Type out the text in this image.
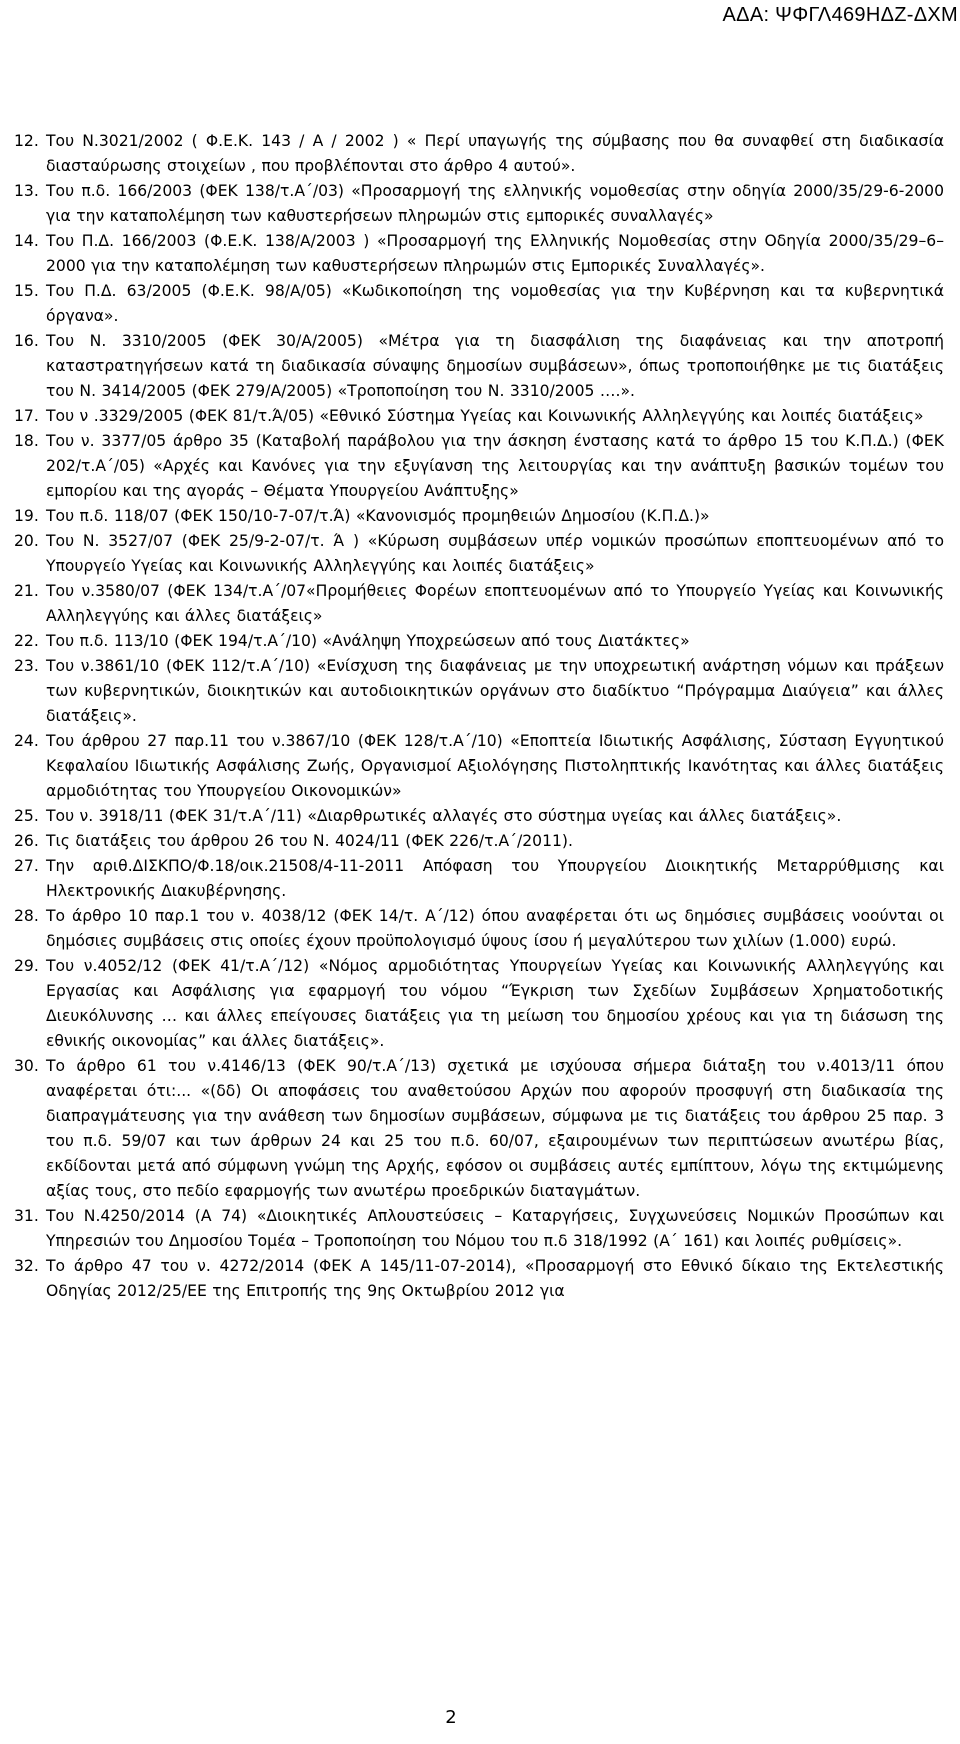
ΑΔΑ: ΨΦΓΛ469ΗΔΖ-ΔΧΜ
12. Του Ν.3021/2002 ( Φ.Ε.Κ. 143 / Α / 2002 ) « Περί υπαγωγής της σύμβασης που θα συναφθεί στη διαδικασία διασταύρωσης στοιχείων , που προβλέπονται στο άρθρο 4 αυτού».
13. Του π.δ. 166/2003 (ΦΕΚ 138/τ.Α΄/03) «Προσαρμογή της ελληνικής νομοθεσίας στην οδηγία 2000/35/29-6-2000 για την καταπολέμηση των καθυστερήσεων πληρωμών στις εμπορικές συναλλαγές»
14. Του Π.Δ. 166/2003 (Φ.Ε.Κ. 138/Α/2003 ) «Προσαρμογή της Ελληνικής Νομοθεσίας στην Οδηγία 2000/35/29–6–2000 για την καταπολέμηση των καθυστερήσεων πληρωμών στις Εμπορικές Συναλλαγές».
15. Του Π.Δ. 63/2005 (Φ.Ε.Κ. 98/Α/05) «Κωδικοποίηση της νομοθεσίας για την Κυβέρνηση και τα κυβερνητικά όργανα».
16. Του Ν. 3310/2005 (ΦΕΚ 30/Α/2005) «Μέτρα για τη διασφάλιση της διαφάνειας και την αποτροπή καταστρατηγήσεων κατά τη διαδικασία σύναψης δημοσίων συμβάσεων», όπως τροποποιήθηκε με τις διατάξεις του Ν. 3414/2005 (ΦΕΚ 279/Α/2005) «Τροποποίηση του Ν. 3310/2005 ….».
17. Του ν .3329/2005 (ΦΕΚ 81/τ.Ά/05) «Εθνικό Σύστημα Υγείας και Κοινωνικής Αλληλεγγύης και λοιπές διατάξεις»
18. Του ν. 3377/05 άρθρο 35 (Καταβολή παράβολου για την άσκηση ένστασης κατά το άρθρο 15 του Κ.Π.Δ.) (ΦΕΚ 202/τ.Α΄/05) «Αρχές και Κανόνες για την εξυγίανση της λειτουργίας και την ανάπτυξη βασικών τομέων του εμπορίου και της αγοράς – Θέματα Υπουργείου Ανάπτυξης»
19. Του π.δ. 118/07 (ΦΕΚ 150/10-7-07/τ.Ά) «Κανονισμός προμηθειών Δημοσίου (Κ.Π.Δ.)»
20. Του Ν. 3527/07 (ΦΕΚ 25/9-2-07/τ. Ά ) «Κύρωση συμβάσεων υπέρ νομικών προσώπων εποπτευομένων από το Υπουργείο Υγείας και Κοινωνικής Αλληλεγγύης και λοιπές διατάξεις»
21. Του ν.3580/07 (ΦΕΚ 134/τ.Α΄/07«Προμήθειες Φορέων εποπτευομένων από το Υπουργείο Υγείας και Κοινωνικής Αλληλεγγύης και άλλες διατάξεις»
22. Του π.δ. 113/10 (ΦΕΚ 194/τ.Α΄/10) «Ανάληψη Υποχρεώσεων από τους Διατάκτες»
23. Του ν.3861/10 (ΦΕΚ 112/τ.Α΄/10) «Ενίσχυση της διαφάνειας με την υποχρεωτική ανάρτηση νόμων και πράξεων των κυβερνητικών, διοικητικών και αυτοδιοικητικών οργάνων στο διαδίκτυο “Πρόγραμμα Διαύγεια” και άλλες διατάξεις».
24. Του άρθρου 27 παρ.11 του ν.3867/10 (ΦΕΚ 128/τ.Α΄/10) «Εποπτεία Ιδιωτικής Ασφάλισης, Σύσταση Εγγυητικού Κεφαλαίου Ιδιωτικής Ασφάλισης Ζωής, Οργανισμοί Αξιολόγησης Πιστοληπτικής Ικανότητας και άλλες διατάξεις αρμοδιότητας του Υπουργείου Οικονομικών»
25. Του ν. 3918/11 (ΦΕΚ 31/τ.Α΄/11) «Διαρθρωτικές αλλαγές στο σύστημα υγείας και άλλες διατάξεις».
26. Τις διατάξεις του άρθρου 26 του Ν. 4024/11 (ΦΕΚ 226/τ.Α΄/2011).
27. Την αριθ.ΔΙΣΚΠΟ/Φ.18/οικ.21508/4-11-2011 Απόφαση του Υπουργείου Διοικητικής Μεταρρύθμισης και Ηλεκτρονικής Διακυβέρνησης.
28. Το άρθρο 10 παρ.1 του ν. 4038/12 (ΦΕΚ 14/τ. Α΄/12) όπου αναφέρεται ότι ως δημόσιες συμβάσεις νοούνται οι δημόσιες συμβάσεις στις οποίες έχουν προϋπολογισμό ύψους ίσου ή μεγαλύτερου των χιλίων (1.000) ευρώ.
29. Του ν.4052/12 (ΦΕΚ 41/τ.Α΄/12) «Νόμος αρμοδιότητας Υπουργείων Υγείας και Κοινωνικής Αλληλεγγύης και Εργασίας και Ασφάλισης για εφαρμογή του νόμου “Έγκριση των Σχεδίων Συμβάσεων Χρηματοδοτικής Διευκόλυνσης … και άλλες επείγουσες διατάξεις για τη μείωση του δημοσίου χρέους και για τη διάσωση της εθνικής οικονομίας” και άλλες διατάξεις».
30. Το άρθρο 61 του ν.4146/13 (ΦΕΚ 90/τ.Α΄/13) σχετικά με ισχύουσα σήμερα διάταξη του ν.4013/11 όπου αναφέρεται ότι:... «(δδ) Οι αποφάσεις του αναθετούσου Αρχών που αφορούν προσφυγή στη διαδικασία της διαπραγμάτευσης για την ανάθεση των δημοσίων συμβάσεων, σύμφωνα με τις διατάξεις του άρθρου 25 παρ. 3 του π.δ. 59/07 και των άρθρων 24 και 25 του π.δ. 60/07, εξαιρουμένων των περιπτώσεων ανωτέρω βίας, εκδίδονται μετά από σύμφωνη γνώμη της Αρχής, εφόσον οι συμβάσεις αυτές εμπίπτουν, λόγω της εκτιμώμενης αξίας τους, στο πεδίο εφαρμογής των ανωτέρω προεδρικών διαταγμάτων.
31. Του Ν.4250/2014 (Α 74) «Διοικητικές Απλουστεύσεις – Καταργήσεις, Συγχωνεύσεις Νομικών Προσώπων και Υπηρεσιών του Δημοσίου Τομέα – Τροποποίηση του Νόμου του π.δ 318/1992 (Α΄ 161) και λοιπές ρυθμίσεις».
32. Το άρθρο 47 του ν. 4272/2014 (ΦΕΚ Α 145/11-07-2014), «Προσαρμογή στο Εθνικό δίκαιο της Εκτελεστικής Οδηγίας 2012/25/ΕΕ της Επιτροπής της 9ης Οκτωβρίου 2012 για
2
